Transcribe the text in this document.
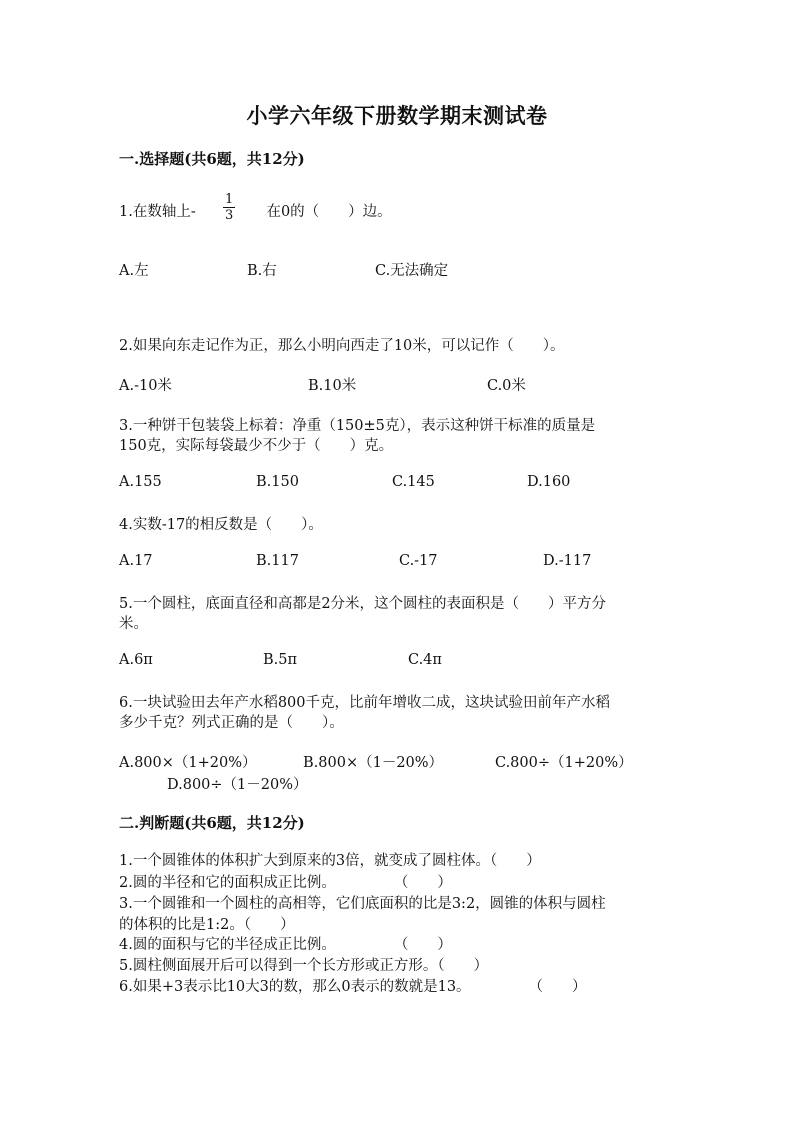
小学六年级下册数学期末测试卷
一.选择题(共6题，共12分)
1.在数轴上- $\frac{1}{3}$ 在0的（　　）边。
A.左	B.右	C.无法确定
2.如果向东走记作为正，那么小明向西走了10米，可以记作（　　）。
A.-10米	B.10米	C.0米
3.一种饼干包装袋上标着：净重（150±5克），表示这种饼干标准的质量是
150克，实际每袋最少不少于（　　）克。
A.155	B.150	C.145	D.160
4.实数-17的相反数是（　　）。
A.17	B.117	C.-17	D.-117
5.一个圆柱，底面直径和高都是2分米，这个圆柱的表面积是（　　）平方分
米。
A.6π	B.5π	C.4π
6.一块试验田去年产水稻800千克，比前年增收二成，这块试验田前年产水稻
多少千克？列式正确的是（　　）。
A.800×（1+20%）	B.800×（1－20%）	C.800÷（1+20%）
D.800÷（1－20%）
二.判断题(共6题，共12分)
1.一个圆锥体的体积扩大到原来的3倍，就变成了圆柱体。（　　）
2.圆的半径和它的面积成正比例。　　　　　（　　）
3.一个圆锥和一个圆柱的高相等，它们底面积的比是3:2，圆锥的体积与圆柱
的体积的比是1:2。（　　）
4.圆的面积与它的半径成正比例。　　　　　（　　）
5.圆柱侧面展开后可以得到一个长方形或正方形。（　　）
6.如果+3表示比10大3的数，那么0表示的数就是13。　　　　　（　　）
